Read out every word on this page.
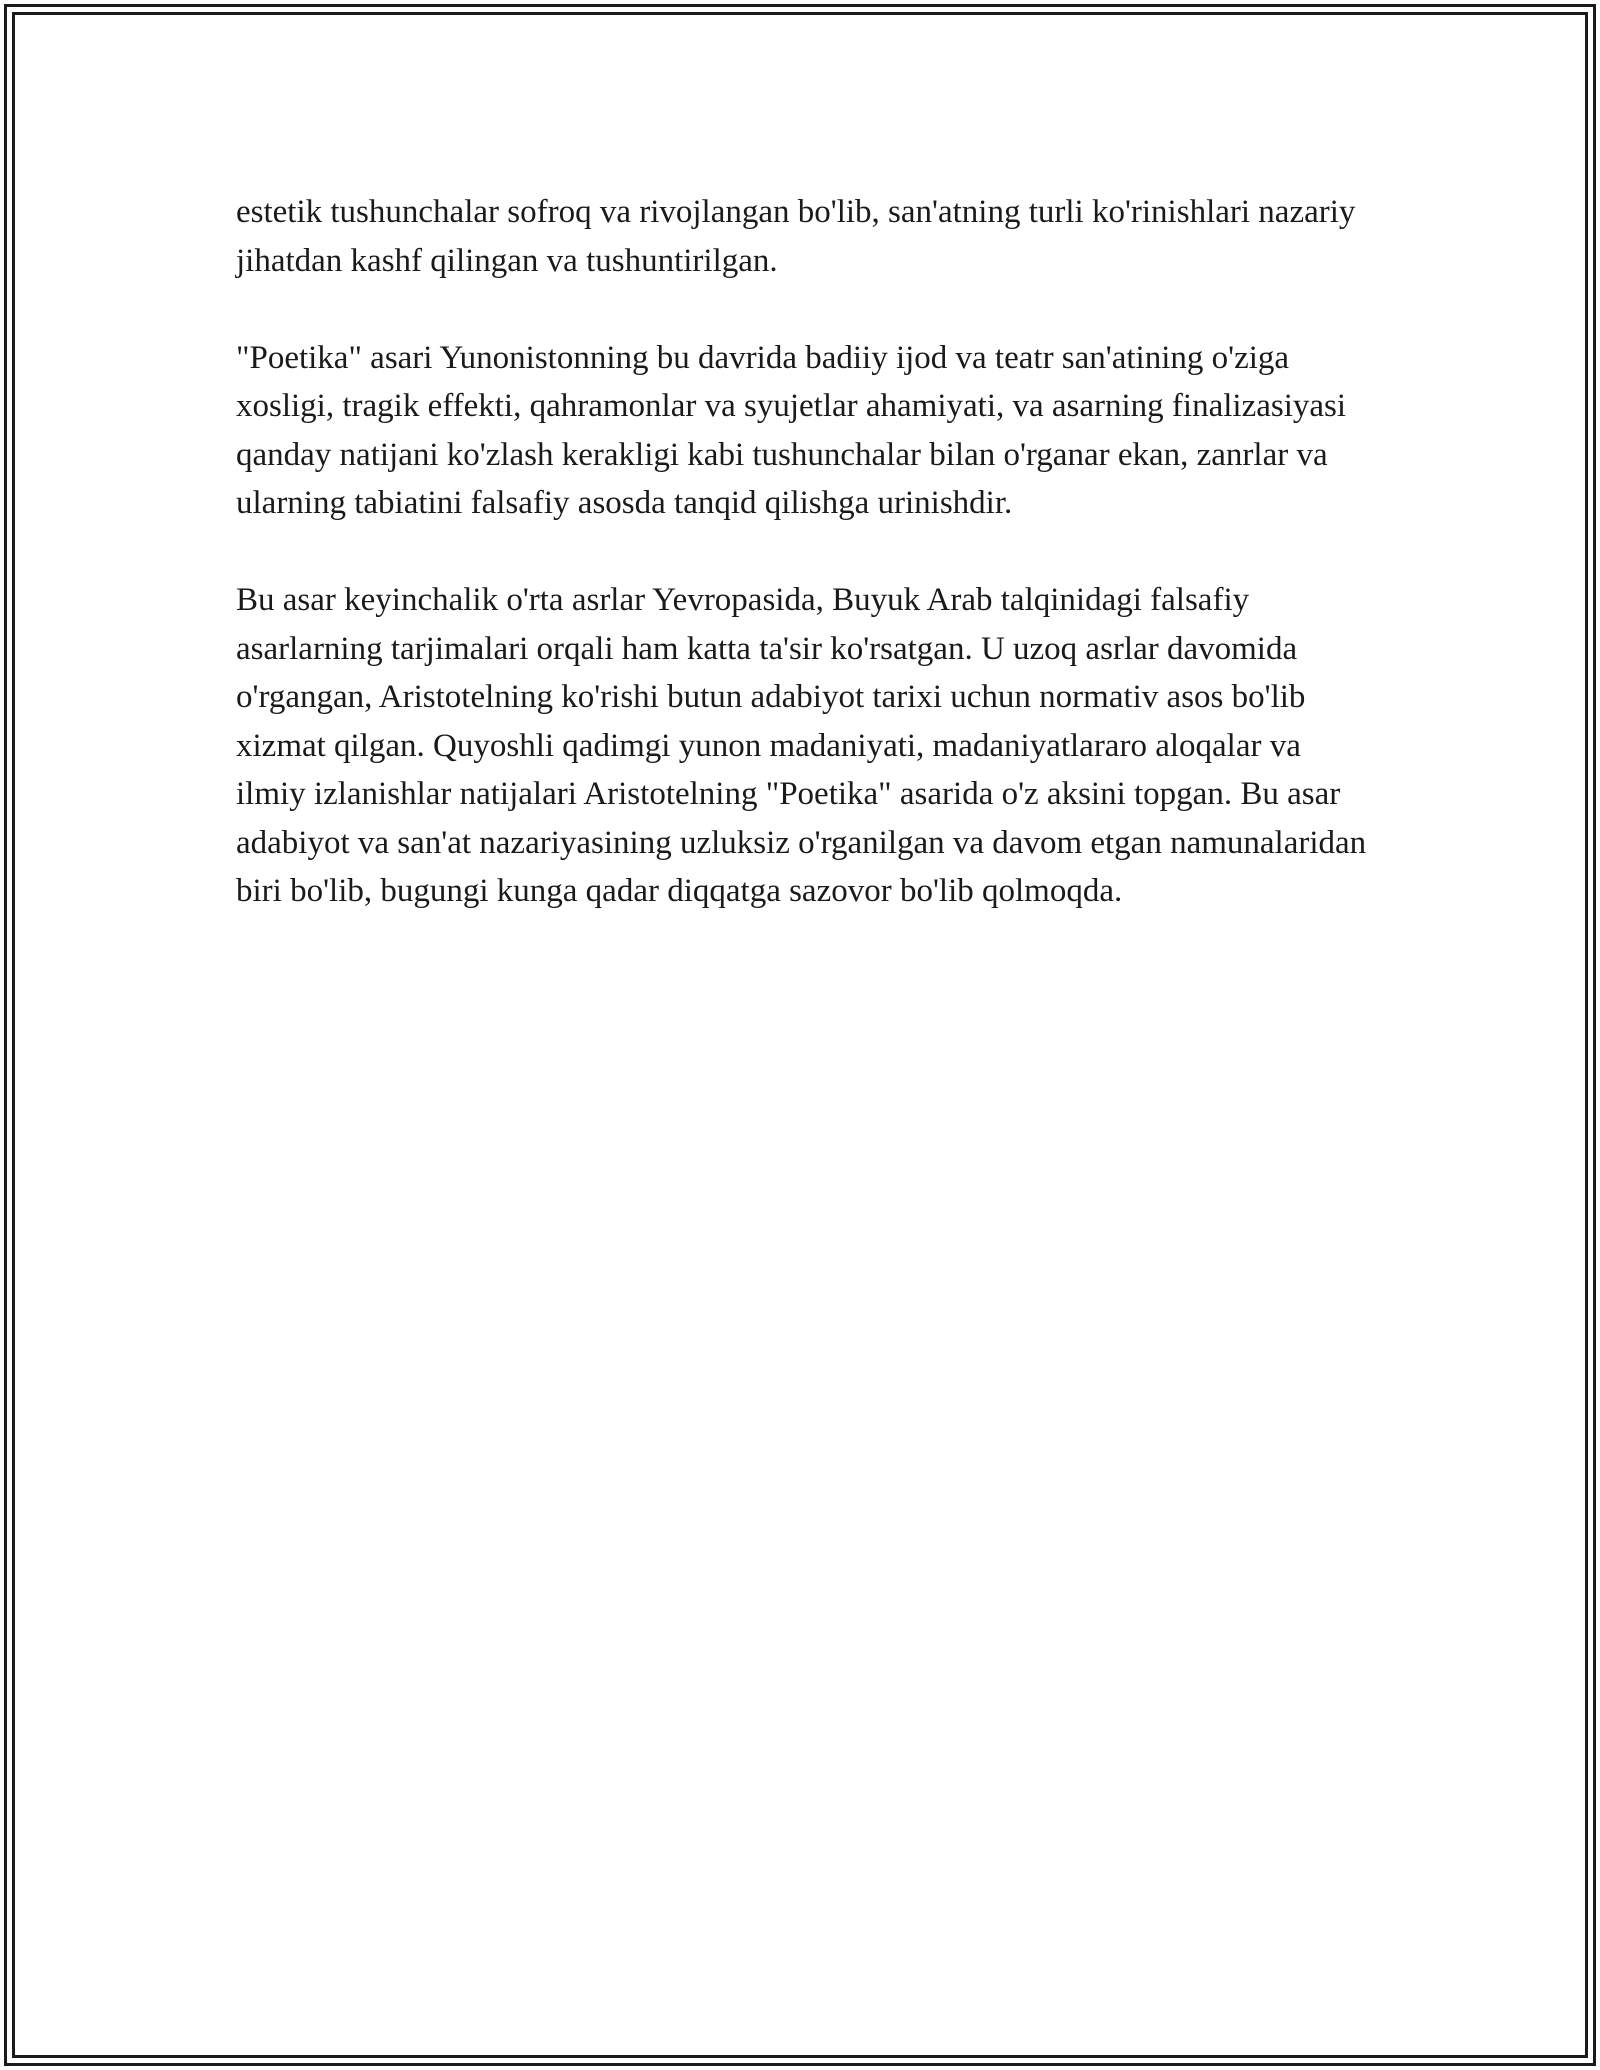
estetik tushunchalar sofroq va rivojlangan bo'lib, san'atning turli ko'rinishlari nazariy jihatdan kashf qilingan va tushuntirilgan.

"Poetika" asari Yunonistonning bu davrida badiiy ijod va teatr san'atining o'ziga xosligi, tragik effekti, qahramonlar va syujetlar ahamiyati, va asarning finalizasiyasi qanday natijani ko'zlash kerakligi kabi tushunchalar bilan o'rganar ekan, zanrlar va ularning tabiatini falsafiy asosda tanqid qilishga urinishdir.

Bu asar keyinchalik o'rta asrlar Yevropasida, Buyuk Arab talqinidagi falsafiy asarlarning tarjimalari orqali ham katta ta'sir ko'rsatgan. U uzoq asrlar davomida o'rgangan, Aristotelning ko'rishi butun adabiyot tarixi uchun normativ asos bo'lib xizmat qilgan. Quyoshli qadimgi yunon madaniyati, madaniyatlararo aloqalar va ilmiy izlanishlar natijalari Aristotelning "Poetika" asarida o'z aksini topgan. Bu asar adabiyot va san'at nazariyasining uzluksiz o'rganilgan va davom etgan namunalaridan biri bo'lib, bugungi kunga qadar diqqatga sazovor bo'lib qolmoqda.
